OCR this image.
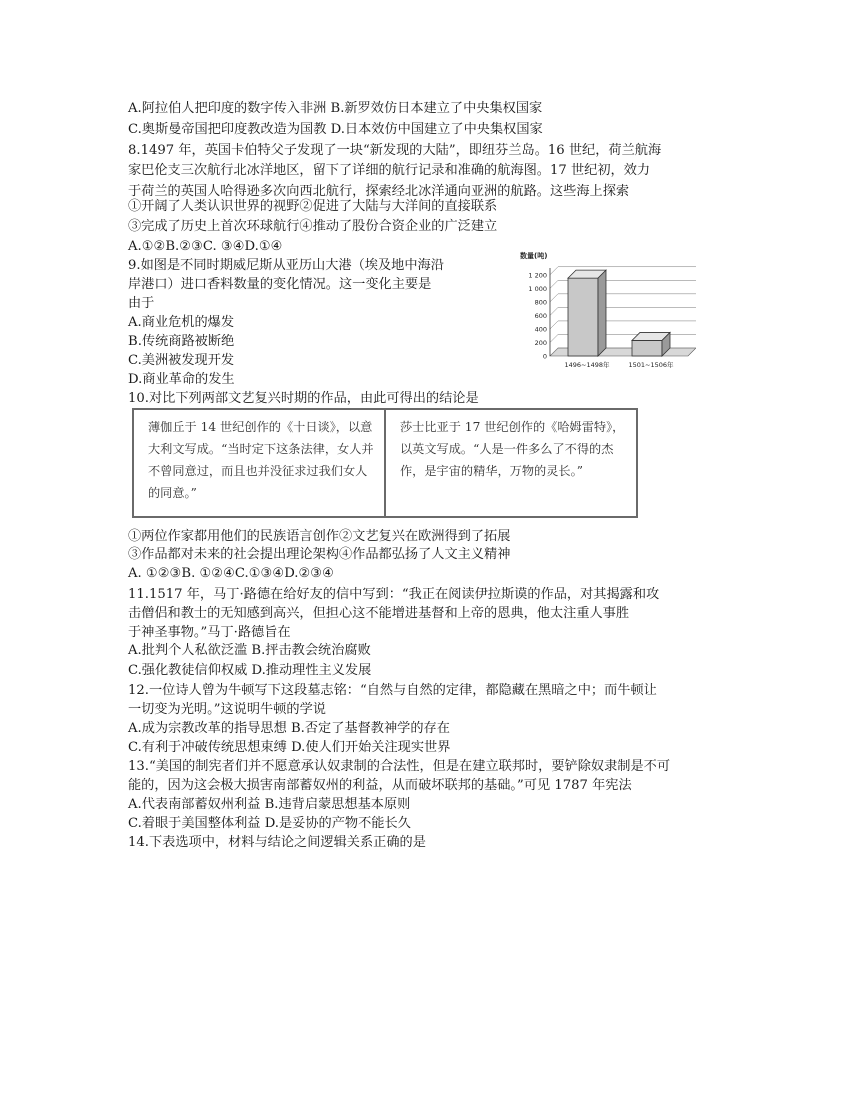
A.阿拉伯人把印度的数字传入非洲 B.新罗效仿日本建立了中央集权国家
C.奥斯曼帝国把印度教改造为国教 D.日本效仿中国建立了中央集权国家
8.1497 年，英国卡伯特父子发现了一块“新发现的大陆”，即纽芬兰岛。16 世纪，荷兰航海
家巴伦支三次航行北冰洋地区，留下了详细的航行记录和准确的航海图。17 世纪初，效力
于荷兰的英国人哈得逊多次向西北航行，探索经北冰洋通向亚洲的航路。这些海上探索
①开阔了人类认识世界的视野②促进了大陆与大洋间的直接联系
③完成了历史上首次环球航行④推动了股份合资企业的广泛建立
A.①②B.②③C. ③④D.①④
9.如图是不同时期威尼斯从亚历山大港（埃及地中海沿
岸港口）进口香料数量的变化情况。这一变化主要是
由于
A.商业危机的爆发
B.传统商路被断绝
C.美洲被发现开发
D.商业革命的发生
0
200
400
600
800
1 000
1 200
数量(吨)
1496~1498年	1501~1506年
10.对比下列两部文艺复兴时期的作品，由此可得出的结论是
薄伽丘于 14 世纪创作的《十日谈》，以意大利文写成。“当时定下这条法律，女人并不曾同意过，而且也并没征求过我们女人的同意。”
莎士比亚于 17 世纪创作的《哈姆雷特》，以英文写成。“人是一件多么了不得的杰作，是宇宙的精华，万物的灵长。”
①两位作家都用他们的民族语言创作②文艺复兴在欧洲得到了拓展
③作品都对未来的社会提出理论架构④作品都弘扬了人文主义精神
A. ①②③B. ①②④C.①③④D.②③④
11.1517 年，马丁·路德在给好友的信中写到：“我正在阅读伊拉斯谟的作品，对其揭露和攻
击僧侣和教士的无知感到高兴，但担心这不能增进基督和上帝的恩典，他太注重人事胜
于神圣事物。”马丁·路德旨在
A.批判个人私欲泛滥 B.抨击教会统治腐败
C.强化教徒信仰权威 D.推动理性主义发展
12.一位诗人曾为牛顿写下这段墓志铭：“自然与自然的定律，都隐藏在黑暗之中；而牛顿让
一切变为光明。”这说明牛顿的学说
A.成为宗教改革的指导思想 B.否定了基督教神学的存在
C.有利于冲破传统思想束缚 D.使人们开始关注现实世界
13.“美国的制宪者们并不愿意承认奴隶制的合法性，但是在建立联邦时，要铲除奴隶制是不可
能的，因为这会极大损害南部蓄奴州的利益，从而破坏联邦的基础。”可见 1787 年宪法
A.代表南部蓄奴州利益 B.违背启蒙思想基本原则
C.着眼于美国整体利益 D.是妥协的产物不能长久
14.下表选项中，材料与结论之间逻辑关系正确的是
